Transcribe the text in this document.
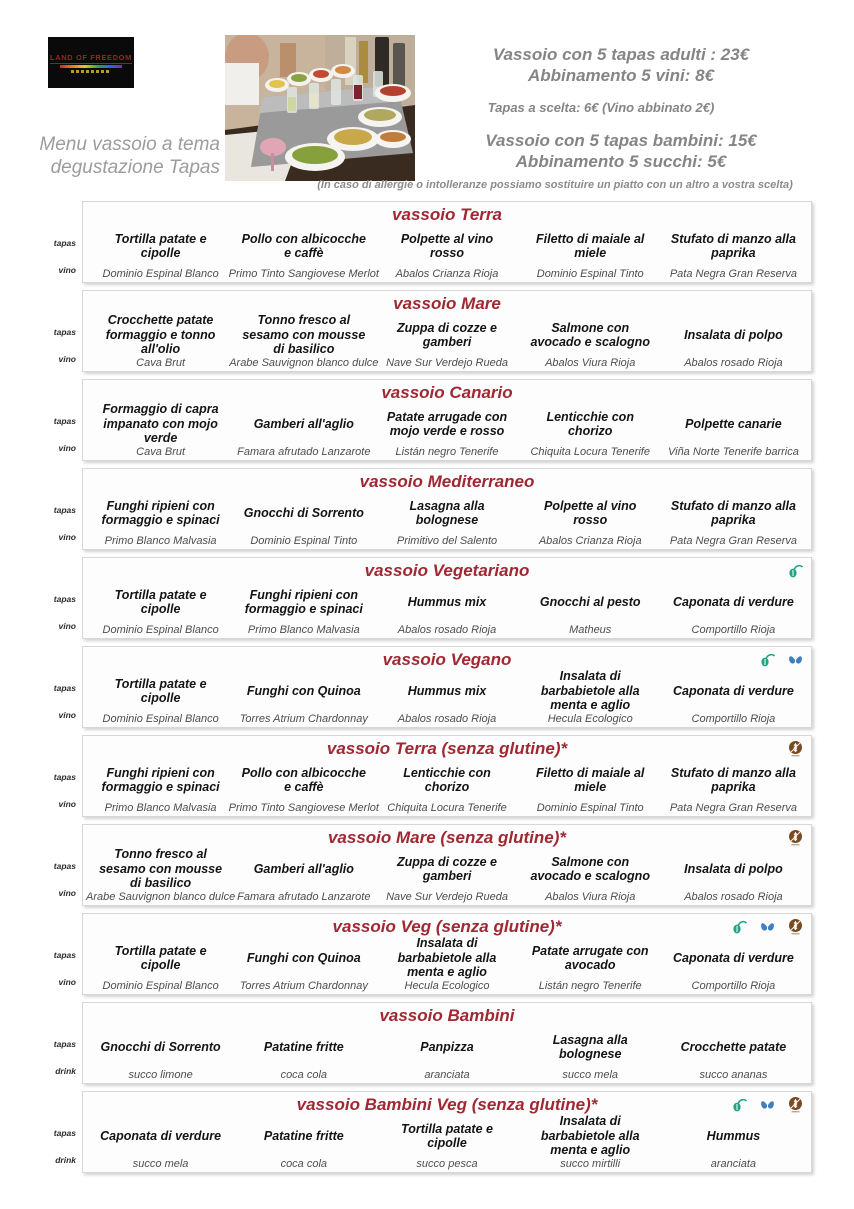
LAND OF FREEDOM
Menu vassoio a tema
degustazione Tapas
Vassoio con 5 tapas adulti : 23€
Abbinamento 5 vini: 8€
Tapas a scelta: 6€ (Vino abbinato 2€)
Vassoio con 5 tapas bambini: 15€
Abbinamento 5 succhi: 5€
(In caso di allergie o intolleranze possiamo sostituire un piatto con un altro a vostra scelta)
tapas
vino
vassoio Terra
Tortilla patate e cipolle
Dominio Espinal Blanco
Pollo con albicocche e caffè
Primo Tinto Sangiovese Merlot
Polpette al vino rosso
Abalos Crianza Rioja
Filetto di maiale al miele
Dominio Espinal Tinto
Stufato di manzo alla paprika
Pata Negra Gran Reserva
tapas
vino
vassoio Mare
Crocchette patate formaggio e tonno all'olio
Cava Brut
Tonno fresco al sesamo con mousse di basilico
Arabe Sauvignon blanco dulce
Zuppa di cozze e gamberi
Nave Sur Verdejo Rueda
Salmone con avocado e scalogno
Abalos Viura Rioja
Insalata di polpo
Abalos rosado Rioja
tapas
vino
vassoio Canario
Formaggio di capra impanato con mojo verde
Cava Brut
Gamberi all'aglio
Famara afrutado Lanzarote
Patate arrugade con mojo verde e rosso
Listán negro Tenerife
Lenticchie con chorizo
Chiquita Locura Tenerife
Polpette canarie
Viña Norte Tenerife barrica
tapas
vino
vassoio Mediterraneo
Funghi ripieni con formaggio e spinaci
Primo Blanco Malvasia
Gnocchi di Sorrento
Dominio Espinal Tinto
Lasagna alla bolognese
Primitivo del Salento
Polpette al vino rosso
Abalos Crianza Rioja
Stufato di manzo alla paprika
Pata Negra Gran Reserva
tapas
vino
vassoio Vegetariano
Tortilla patate e cipolle
Dominio Espinal Blanco
Funghi ripieni con formaggio e spinaci
Primo Blanco Malvasia
Hummus mix
Abalos rosado Rioja
Gnocchi al pesto
Matheus
Caponata di verdure
Comportillo Rioja
tapas
vino
vassoio Vegano
Tortilla patate e cipolle
Dominio Espinal Blanco
Funghi con Quinoa
Torres Atrium Chardonnay
Hummus mix
Abalos rosado Rioja
Insalata di barbabietole alla menta e aglio
Hecula Ecologico
Caponata di verdure
Comportillo Rioja
tapas
vino
vassoio Terra (senza glutine)*
Funghi ripieni con formaggio e spinaci
Primo Blanco Malvasia
Pollo con albicocche e caffè
Primo Tinto Sangiovese Merlot
Lenticchie con chorizo
Chiquita Locura Tenerife
Filetto di maiale al miele
Dominio Espinal Tinto
Stufato di manzo alla paprika
Pata Negra Gran Reserva
tapas
vino
vassoio Mare (senza glutine)*
Tonno fresco al sesamo con mousse di basilico
Arabe Sauvignon blanco dulce
Gamberi all'aglio
Famara afrutado Lanzarote
Zuppa di cozze e gamberi
Nave Sur Verdejo Rueda
Salmone con avocado e scalogno
Abalos Viura Rioja
Insalata di polpo
Abalos rosado Rioja
tapas
vino
vassoio Veg (senza glutine)*
Tortilla patate e cipolle
Dominio Espinal Blanco
Funghi con Quinoa
Torres Atrium Chardonnay
Insalata di barbabietole alla menta e aglio
Hecula Ecologico
Patate arrugate con avocado
Listán negro Tenerife
Caponata di verdure
Comportillo Rioja
tapas
drink
vassoio Bambini
Gnocchi di Sorrento
succo limone
Patatine fritte
coca cola
Panpizza
aranciata
Lasagna alla bolognese
succo mela
Crocchette patate
succo ananas
tapas
drink
vassoio Bambini Veg (senza glutine)*
Caponata di verdure
succo mela
Patatine fritte
coca cola
Tortilla patate e cipolle
succo pesca
Insalata di barbabietole alla menta e aglio
succo mirtilli
Hummus
aranciata
